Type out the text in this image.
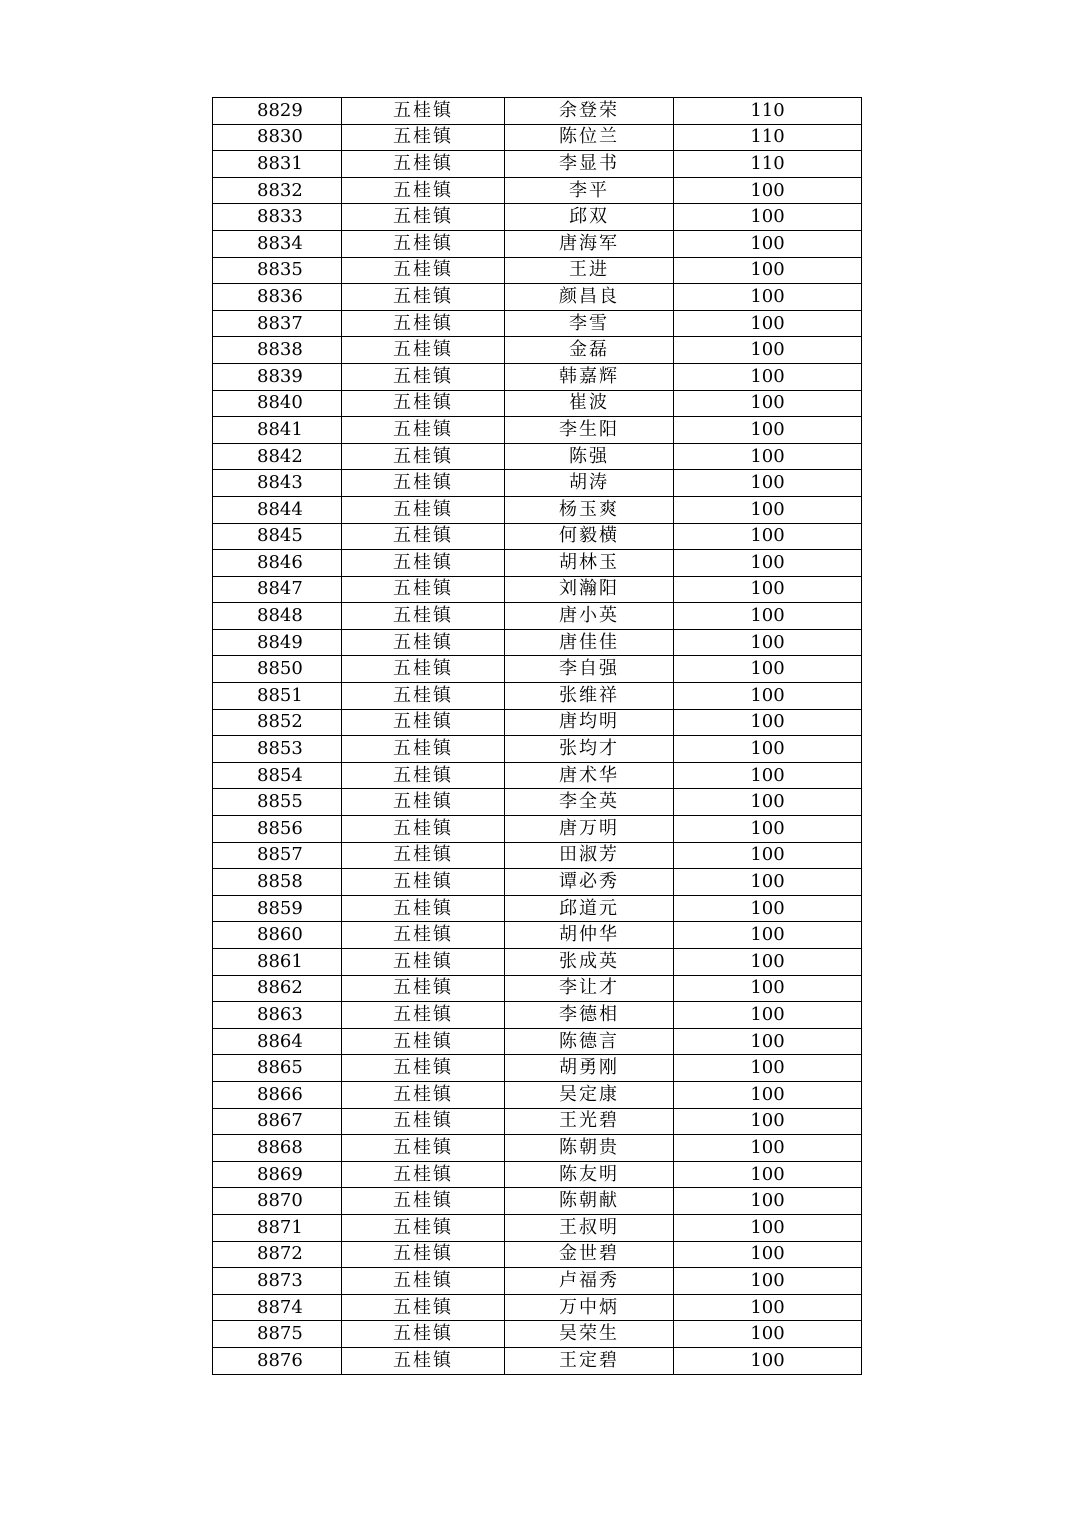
8829	五桂镇	余登荣	110
8830	五桂镇	陈位兰	110
8831	五桂镇	李显书	110
8832	五桂镇	李平	100
8833	五桂镇	邱双	100
8834	五桂镇	唐海军	100
8835	五桂镇	王进	100
8836	五桂镇	颜昌良	100
8837	五桂镇	李雪	100
8838	五桂镇	金磊	100
8839	五桂镇	韩嘉辉	100
8840	五桂镇	崔波	100
8841	五桂镇	李生阳	100
8842	五桂镇	陈强	100
8843	五桂镇	胡涛	100
8844	五桂镇	杨玉爽	100
8845	五桂镇	何毅横	100
8846	五桂镇	胡林玉	100
8847	五桂镇	刘瀚阳	100
8848	五桂镇	唐小英	100
8849	五桂镇	唐佳佳	100
8850	五桂镇	李自强	100
8851	五桂镇	张维祥	100
8852	五桂镇	唐均明	100
8853	五桂镇	张均才	100
8854	五桂镇	唐术华	100
8855	五桂镇	李全英	100
8856	五桂镇	唐万明	100
8857	五桂镇	田淑芳	100
8858	五桂镇	谭必秀	100
8859	五桂镇	邱道元	100
8860	五桂镇	胡仲华	100
8861	五桂镇	张成英	100
8862	五桂镇	李让才	100
8863	五桂镇	李德相	100
8864	五桂镇	陈德言	100
8865	五桂镇	胡勇刚	100
8866	五桂镇	吴定康	100
8867	五桂镇	王光碧	100
8868	五桂镇	陈朝贵	100
8869	五桂镇	陈友明	100
8870	五桂镇	陈朝献	100
8871	五桂镇	王叔明	100
8872	五桂镇	金世碧	100
8873	五桂镇	卢福秀	100
8874	五桂镇	万中炳	100
8875	五桂镇	吴荣生	100
8876	五桂镇	王定碧	100
